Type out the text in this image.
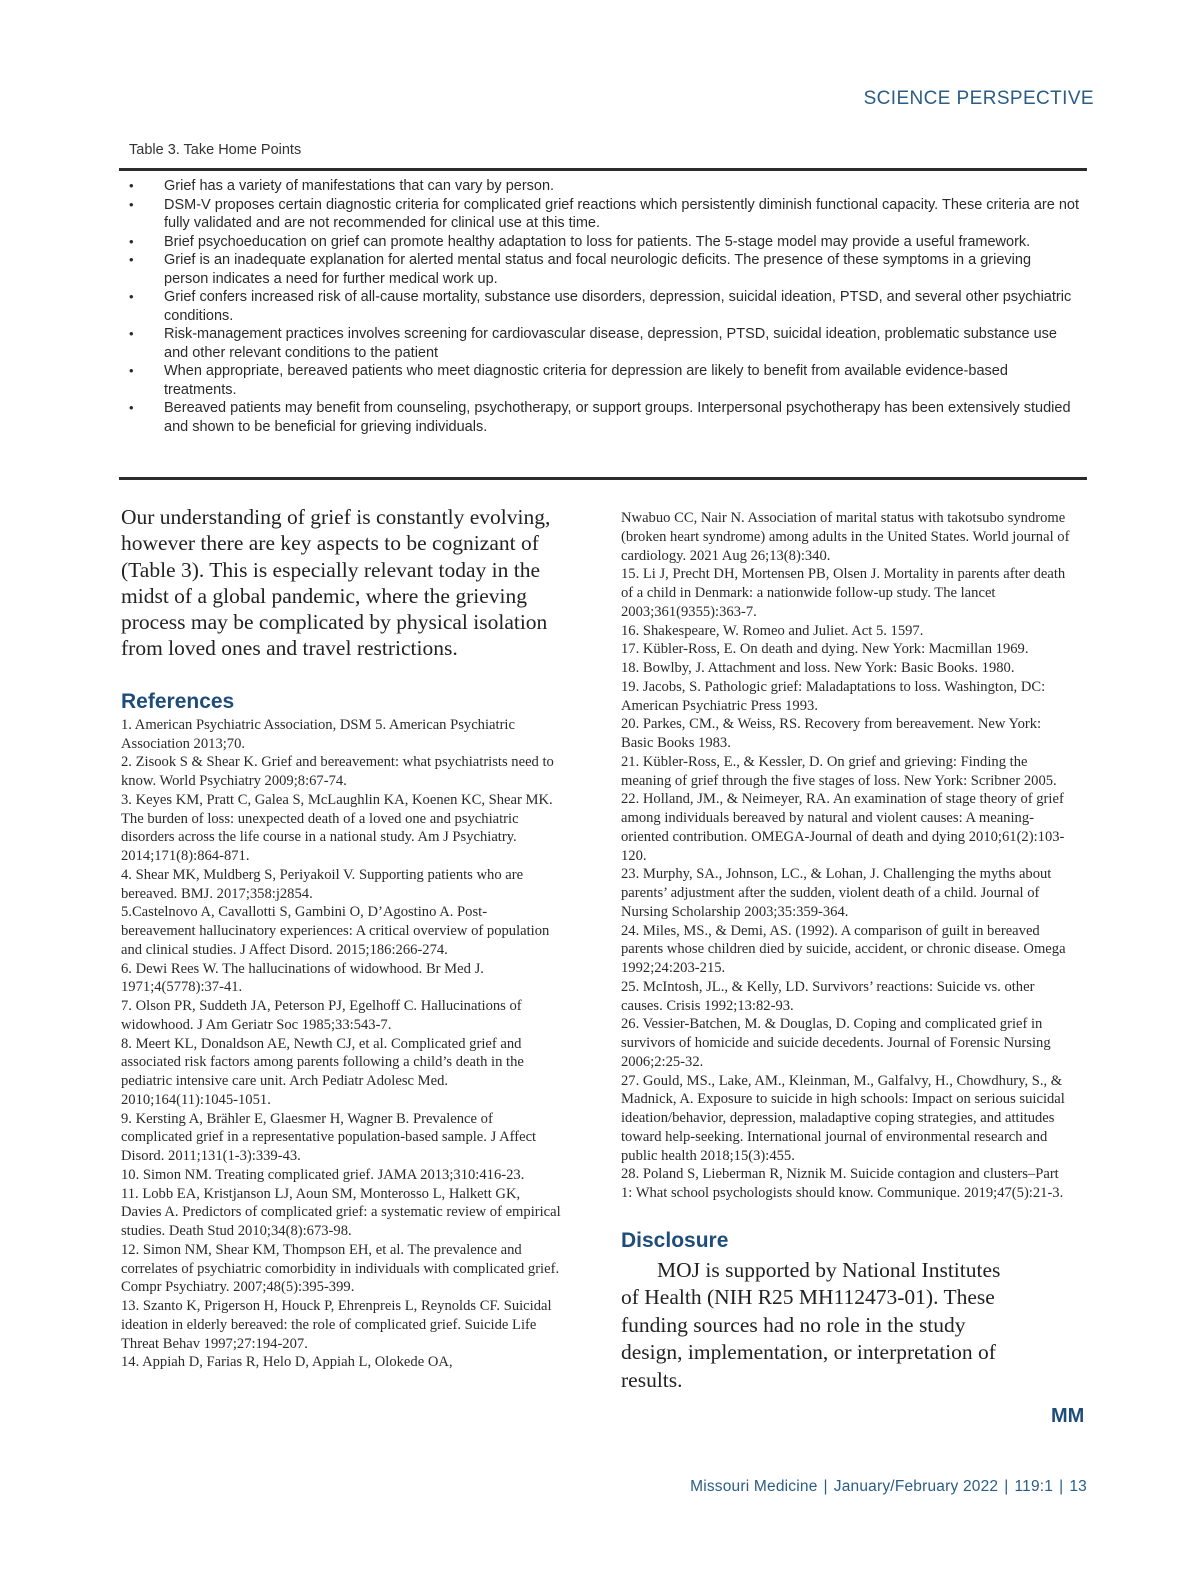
SCIENCE PERSPECTIVE
Table 3. Take Home Points
• Grief has a variety of manifestations that can vary by person.
• DSM-V proposes certain diagnostic criteria for complicated grief reactions which persistently diminish functional capacity. These criteria are not fully validated and are not recommended for clinical use at this time.
• Brief psychoeducation on grief can promote healthy adaptation to loss for patients. The 5-stage model may provide a useful framework.
• Grief is an inadequate explanation for alerted mental status and focal neurologic deficits. The presence of these symptoms in a grieving person indicates a need for further medical work up.
• Grief confers increased risk of all-cause mortality, substance use disorders, depression, suicidal ideation, PTSD, and several other psychiatric conditions.
• Risk-management practices involves screening for cardiovascular disease, depression, PTSD, suicidal ideation, problematic substance use and other relevant conditions to the patient
• When appropriate, bereaved patients who meet diagnostic criteria for depression are likely to benefit from available evidence-based treatments.
• Bereaved patients may benefit from counseling, psychotherapy, or support groups. Interpersonal psychotherapy has been extensively studied and shown to be beneficial for grieving individuals.

Our understanding of grief is constantly evolving, however there are key aspects to be cognizant of (Table 3). This is especially relevant today in the midst of a global pandemic, where the grieving process may be complicated by physical isolation from loved ones and travel restrictions.

References
1. American Psychiatric Association, DSM 5. American Psychiatric Association 2013;70.
2. Zisook S & Shear K. Grief and bereavement: what psychiatrists need to know. World Psychiatry 2009;8:67-74.
3. Keyes KM, Pratt C, Galea S, McLaughlin KA, Koenen KC, Shear MK. The burden of loss: unexpected death of a loved one and psychiatric disorders across the life course in a national study. Am J Psychiatry. 2014;171(8):864-871.
4. Shear MK, Muldberg S, Periyakoil V. Supporting patients who are bereaved. BMJ. 2017;358:j2854.
5.Castelnovo A, Cavallotti S, Gambini O, D’Agostino A. Post-bereavement hallucinatory experiences: A critical overview of population and clinical studies. J Affect Disord. 2015;186:266-274.
6. Dewi Rees W. The hallucinations of widowhood. Br Med J. 1971;4(5778):37-41.
7. Olson PR, Suddeth JA, Peterson PJ, Egelhoff C. Hallucinations of widowhood. J Am Geriatr Soc 1985;33:543-7.
8. Meert KL, Donaldson AE, Newth CJ, et al. Complicated grief and associated risk factors among parents following a child’s death in the pediatric intensive care unit. Arch Pediatr Adolesc Med. 2010;164(11):1045-1051.
9. Kersting A, Brähler E, Glaesmer H, Wagner B. Prevalence of complicated grief in a representative population-based sample. J Affect Disord. 2011;131(1-3):339-43.
10. Simon NM. Treating complicated grief. JAMA 2013;310:416-23.
11. Lobb EA, Kristjanson LJ, Aoun SM, Monterosso L, Halkett GK, Davies A. Predictors of complicated grief: a systematic review of empirical studies. Death Stud 2010;34(8):673-98.
12. Simon NM, Shear KM, Thompson EH, et al. The prevalence and correlates of psychiatric comorbidity in individuals with complicated grief. Compr Psychiatry. 2007;48(5):395-399.
13. Szanto K, Prigerson H, Houck P, Ehrenpreis L, Reynolds CF. Suicidal ideation in elderly bereaved: the role of complicated grief. Suicide Life Threat Behav 1997;27:194-207.
14. Appiah D, Farias R, Helo D, Appiah L, Olokede OA,
Nwabuo CC, Nair N. Association of marital status with takotsubo syndrome (broken heart syndrome) among adults in the United States. World journal of cardiology. 2021 Aug 26;13(8):340.
15. Li J, Precht DH, Mortensen PB, Olsen J. Mortality in parents after death of a child in Denmark: a nationwide follow-up study. The lancet 2003;361(9355):363-7.
16. Shakespeare, W. Romeo and Juliet. Act 5. 1597.
17. Kübler-Ross, E. On death and dying. New York: Macmillan 1969.
18. Bowlby, J. Attachment and loss. New York: Basic Books. 1980.
19. Jacobs, S. Pathologic grief: Maladaptations to loss. Washington, DC: American Psychiatric Press 1993.
20. Parkes, CM., & Weiss, RS. Recovery from bereavement. New York: Basic Books 1983.
21. Kübler-Ross, E., & Kessler, D. On grief and grieving: Finding the meaning of grief through the five stages of loss. New York: Scribner 2005.
22. Holland, JM., & Neimeyer, RA. An examination of stage theory of grief among individuals bereaved by natural and violent causes: A meaning-oriented contribution. OMEGA-Journal of death and dying 2010;61(2):103-120.
23. Murphy, SA., Johnson, LC., & Lohan, J. Challenging the myths about parents’ adjustment after the sudden, violent death of a child. Journal of Nursing Scholarship 2003;35:359-364.
24. Miles, MS., & Demi, AS. (1992). A comparison of guilt in bereaved parents whose children died by suicide, accident, or chronic disease. Omega 1992;24:203-215.
25. McIntosh, JL., & Kelly, LD. Survivors’ reactions: Suicide vs. other causes. Crisis 1992;13:82-93.
26. Vessier-Batchen, M. & Douglas, D. Coping and complicated grief in survivors of homicide and suicide decedents. Journal of Forensic Nursing 2006;2:25-32.
27. Gould, MS., Lake, AM., Kleinman, M., Galfalvy, H., Chowdhury, S., & Madnick, A. Exposure to suicide in high schools: Impact on serious suicidal ideation/behavior, depression, maladaptive coping strategies, and attitudes toward help-seeking. International journal of environmental research and public health 2018;15(3):455.
28. Poland S, Lieberman R, Niznik M. Suicide contagion and clusters–Part 1: What school psychologists should know. Communique. 2019;47(5):21-3.
Disclosure

MOJ is supported by National Institutes of Health (NIH R25 MH112473-01). These funding sources had no role in the study design, implementation, or interpretation of results.

MM
Missouri Medicine | January/February 2022 | 119:1 | 13
